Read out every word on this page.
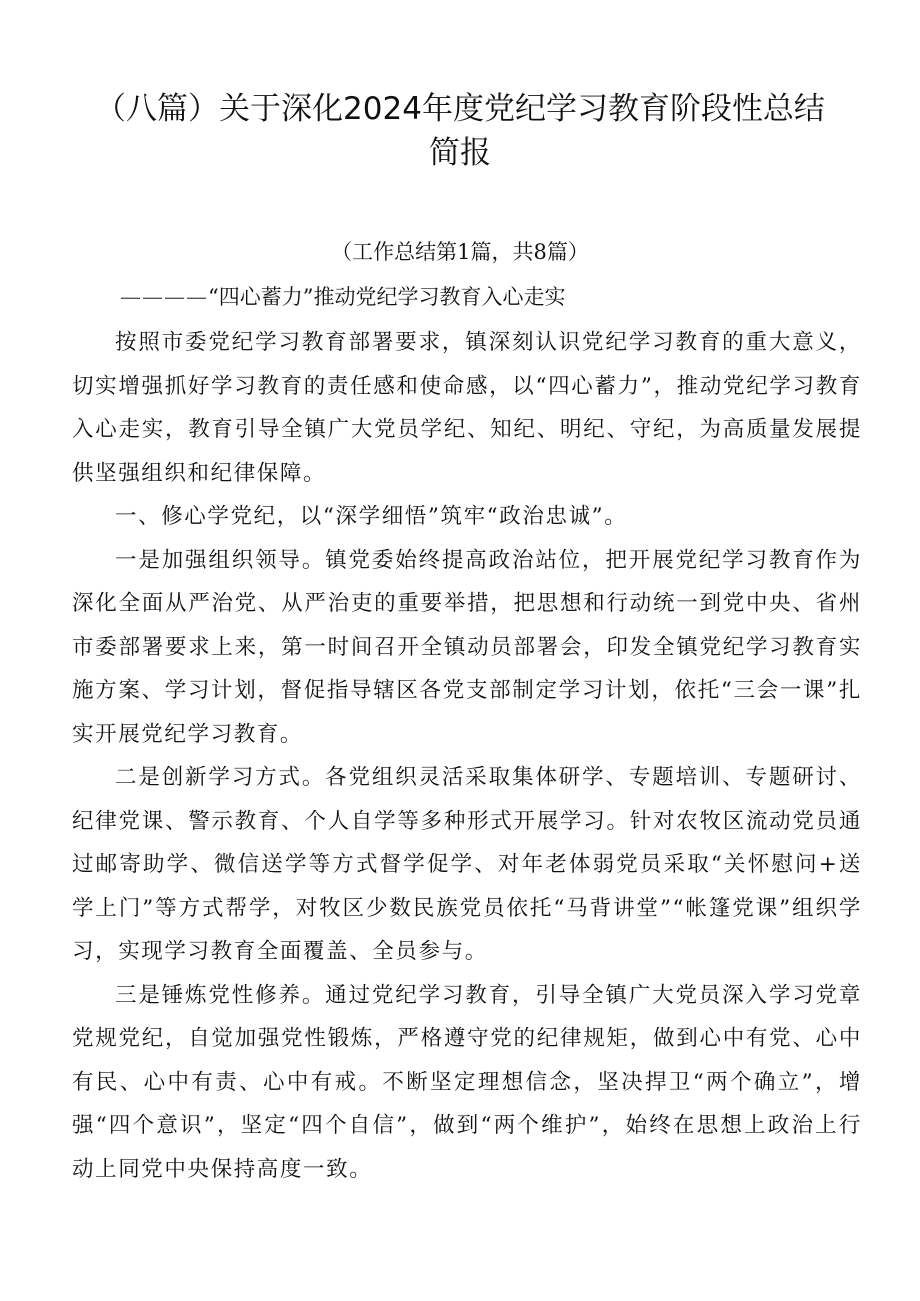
（八篇）关于深化2024年度党纪学习教育阶段性总结
简报
（工作总结第1篇，共8篇）
————“四心蓄力”推动党纪学习教育入心走实

按照市委党纪学习教育部署要求，镇深刻认识党纪学习教育的重大意义，切实增强抓好学习教育的责任感和使命感，以“四心蓄力”，推动党纪学习教育入心走实，教育引导全镇广大党员学纪、知纪、明纪、守纪，为高质量发展提供坚强组织和纪律保障。

一、修心学党纪，以“深学细悟”筑牢“政治忠诚”。

一是加强组织领导。镇党委始终提高政治站位，把开展党纪学习教育作为深化全面从严治党、从严治吏的重要举措，把思想和行动统一到党中央、省州市委部署要求上来，第一时间召开全镇动员部署会，印发全镇党纪学习教育实施方案、学习计划，督促指导辖区各党支部制定学习计划，依托“三会一课”扎实开展党纪学习教育。

二是创新学习方式。各党组织灵活采取集体研学、专题培训、专题研讨、纪律党课、警示教育、个人自学等多种形式开展学习。针对农牧区流动党员通过邮寄助学、微信送学等方式督学促学、对年老体弱党员采取“关怀慰问+送学上门”等方式帮学，对牧区少数民族党员依托“马背讲堂”“帐篷党课”组织学习，实现学习教育全面覆盖、全员参与。

三是锤炼党性修养。通过党纪学习教育，引导全镇广大党员深入学习党章党规党纪，自觉加强党性锻炼，严格遵守党的纪律规矩，做到心中有党、心中有民、心中有责、心中有戒。不断坚定理想信念，坚决捍卫“两个确立”，增强“四个意识”，坚定“四个自信”，做到“两个维护”，始终在思想上政治上行动上同党中央保持高度一致。
